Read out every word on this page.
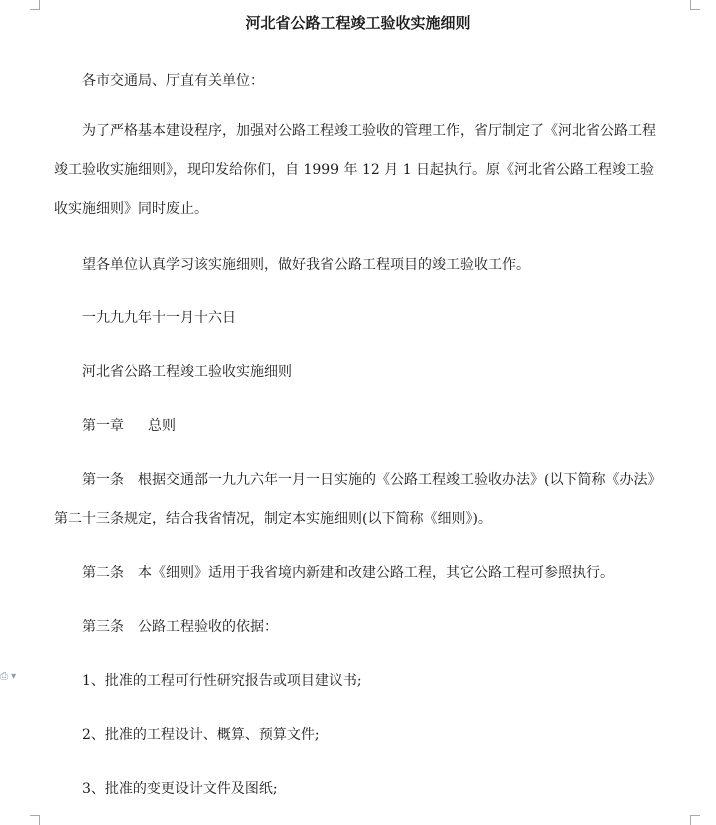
⎙ ▾
河北省公路工程竣工验收实施细则
各市交通局、厅直有关单位：
为了严格基本建设程序，加强对公路工程竣工验收的管理工作，省厅制定了《河北省公路工程竣工验收实施细则》，现印发给你们，自 1999 年 12 月 1 日起执行。原《河北省公路工程竣工验收实施细则》同时废止。
望各单位认真学习该实施细则，做好我省公路工程项目的竣工验收工作。
一九九九年十一月十六日
河北省公路工程竣工验收实施细则
第一章 总则
第一条 根据交通部一九九六年一月一日实施的《公路工程竣工验收办法》(以下简称《办法》
第二十三条规定，结合我省情况，制定本实施细则(以下简称《细则》)。
第二条 本《细则》适用于我省境内新建和改建公路工程，其它公路工程可参照执行。
第三条 公路工程验收的依据：
1、批准的工程可行性研究报告或项目建议书;
2、批准的工程设计、概算、预算文件;
3、批准的变更设计文件及图纸;
